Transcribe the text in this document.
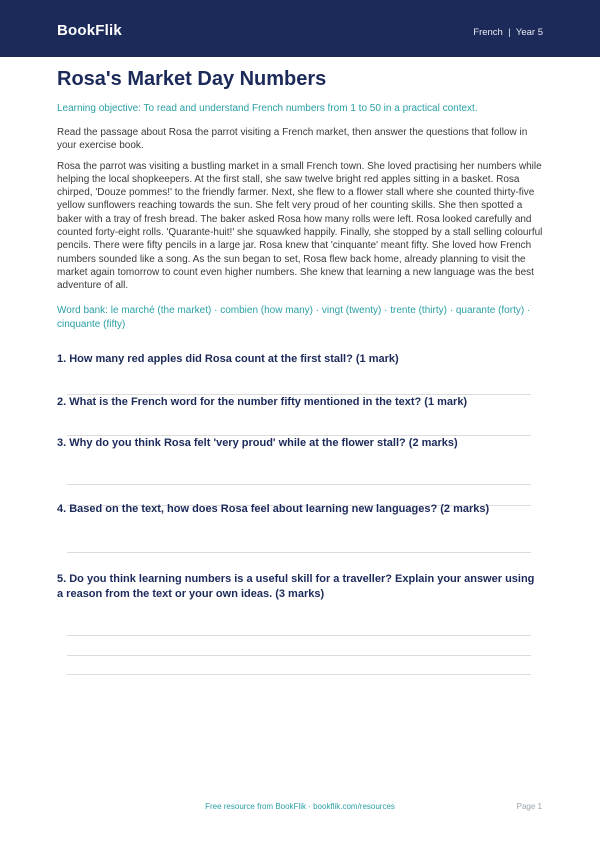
BookFlik	French | Year 5
Rosa's Market Day Numbers

Learning objective: To read and understand French numbers from 1 to 50 in a practical context.

Read the passage about Rosa the parrot visiting a French market, then answer the questions that follow in your exercise book.

Rosa the parrot was visiting a bustling market in a small French town. She loved practising her numbers while helping the local shopkeepers. At the first stall, she saw twelve bright red apples sitting in a basket. Rosa chirped, 'Douze pommes!' to the friendly farmer. Next, she flew to a flower stall where she counted thirty-five yellow sunflowers reaching towards the sun. She felt very proud of her counting skills. She then spotted a baker with a tray of fresh bread. The baker asked Rosa how many rolls were left. Rosa looked carefully and counted forty-eight rolls. 'Quarante-huit!' she squawked happily. Finally, she stopped by a stall selling colourful pencils. There were fifty pencils in a large jar. Rosa knew that 'cinquante' meant fifty. She loved how French numbers sounded like a song. As the sun began to set, Rosa flew back home, already planning to visit the market again tomorrow to count even higher numbers. She knew that learning a new language was the best adventure of all.

Word bank: le marché (the market) · combien (how many) · vingt (twenty) · trente (thirty) · quarante (forty) · cinquante (fifty)

1. How many red apples did Rosa count at the first stall? (1 mark)

2. What is the French word for the number fifty mentioned in the text? (1 mark)

3. Why do you think Rosa felt 'very proud' while at the flower stall? (2 marks)

4. Based on the text, how does Rosa feel about learning new languages? (2 marks)

5. Do you think learning numbers is a useful skill for a traveller? Explain your answer using a reason from the text or your own ideas. (3 marks)

Free resource from BookFlik · bookflik.com/resources	Page 1
